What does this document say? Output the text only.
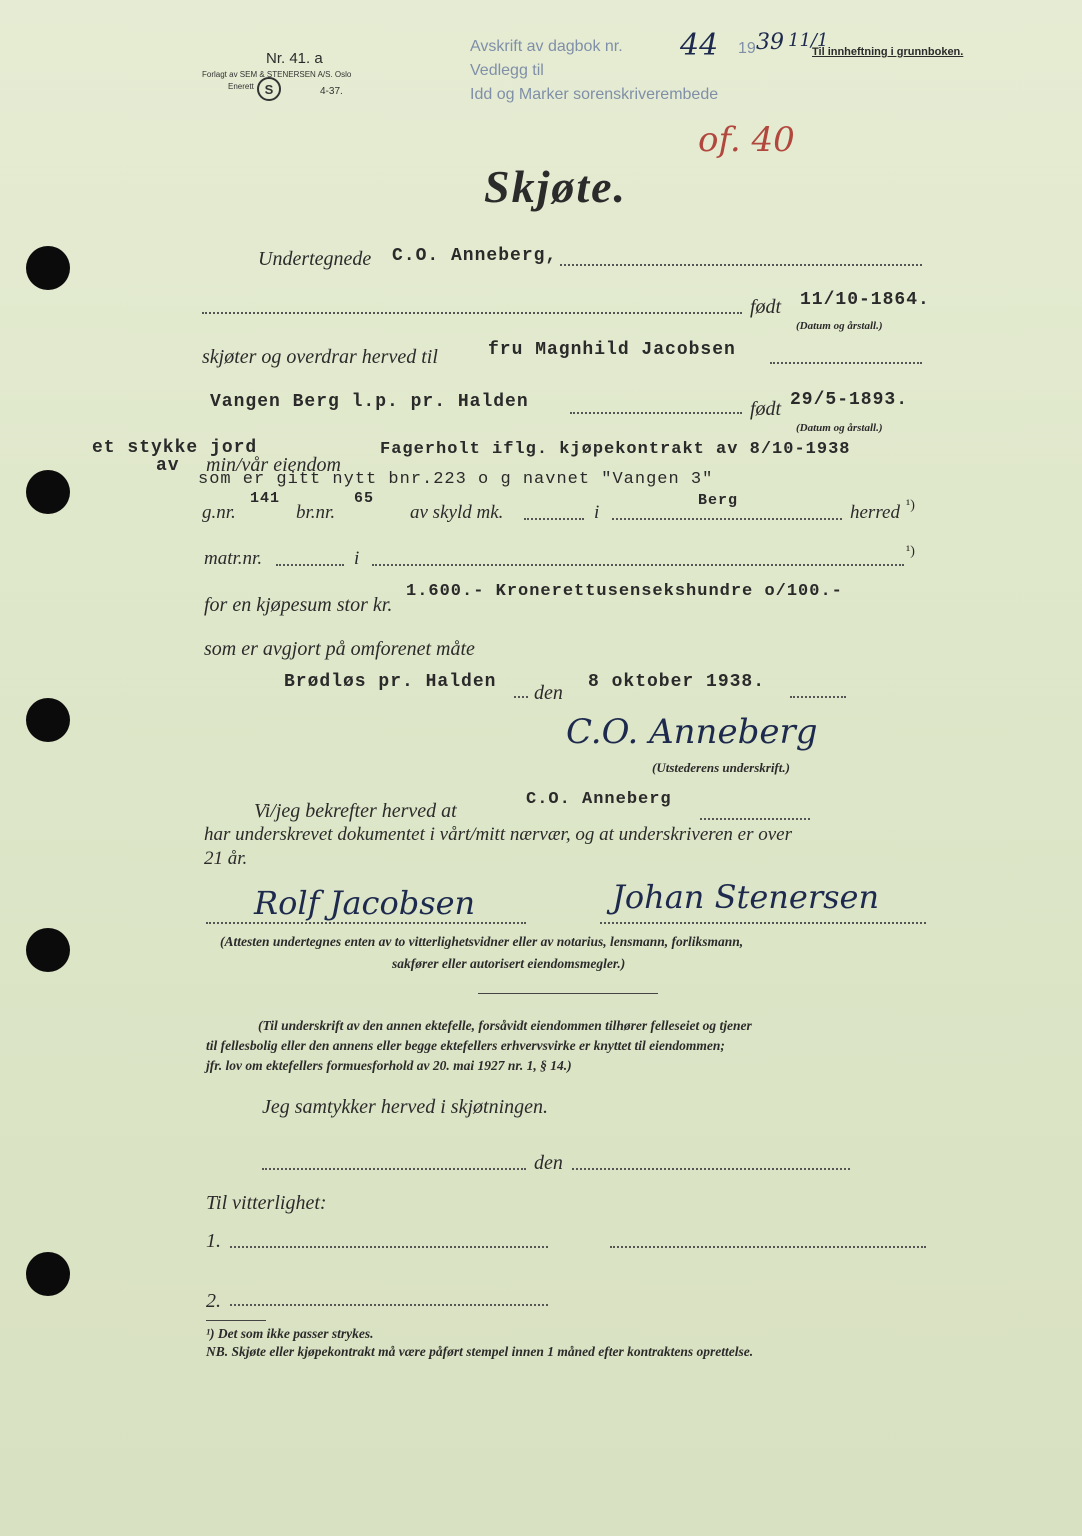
Nr. 41. a
Forlagt av SEM & STENERSEN A/S. Oslo
Enerett S	4-37.
Avskrift av dagbok nr.
Vedlegg til
Idd og Marker sorenskriverembede
44 19 39 11/1
Til innheftning i grunnboken.
of. 40
Skjøte.
Undertegnede C.O. Anneberg,
født 11/10-1864.
(Datum og årstall.)
skjøter og overdrar herved til	fru Magnhild Jacobsen
Vangen Berg l.p. pr. Halden	født 29/5-1893.
(Datum og årstall.)
et stykke jord
av min/vår eiendom
Fagerholt iflg. kjøpekontrakt av 8/10-1938
som er gitt nytt bnr.223 o g navnet "Vangen 3"
g.nr.
141
br.nr.
65
av skyld mk.	i
Berg
herred ¹)
matr.nr.	i	¹)
for en kjøpesum stor kr.
1.600.- Kronerettusensekshundre o/100.-
som er avgjort på omforenet måte
Brødløs pr. Halden den 8 oktober 1938.
C.O. Anneberg
(Utstederens underskrift.)
Vi/jeg bekrefter herved at
C.O. Anneberg
har underskrevet dokumentet i vårt/mitt nærvær, og at underskriveren er over
21 år.
Rolf Jacobsen	Johan Stenersen
(Attesten undertegnes enten av to vitterlighetsvidner eller av notarius, lensmann, forliksmann,
sakfører eller autorisert eiendomsmegler.)
(Til underskrift av den annen ektefelle, forsåvidt eiendommen tilhører felleseiet og tjener
til fellesbolig eller den annens eller begge ektefellers erhvervsvirke er knyttet til eiendommen;
jfr. lov om ektefellers formuesforhold av 20. mai 1927 nr. 1, § 14.)
Jeg samtykker herved i skjøtningen.
den
Til vitterlighet:
1.
2.
¹) Det som ikke passer strykes.
NB. Skjøte eller kjøpekontrakt må være påført stempel innen 1 måned efter kontraktens oprettelse.
